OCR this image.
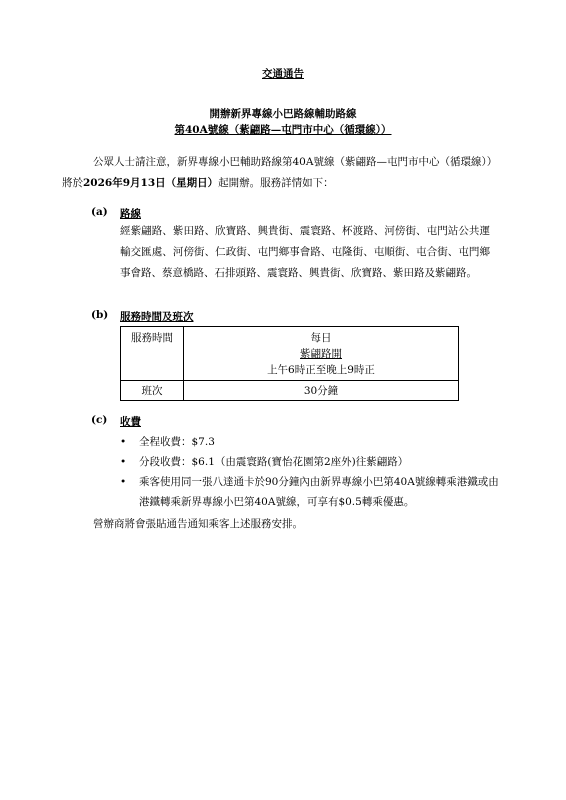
交通通告
開辦新界專線小巴路線輔助路線
第40A號線（紫翩路—屯門市中心（循環線））
公眾人士請注意，新界專線小巴輔助路線第40A號線（紫翩路—屯門市中心（循環線））將於2026年9月13日（星期日）起開辦。服務詳情如下：
(a) 路線
經紫翩路、紫田路、欣寶路、興貴街、震寰路、杯渡路、河傍街、屯門站公共運輸交匯處、河傍街、仁政街、屯門鄉事會路、屯隆街、屯順街、屯合街、屯門鄉事會路、蔡意橋路、石排頭路、震寰路、興貴街、欣寶路、紫田路及紫翩路。
(b) 服務時間及班次
服務時間	每日
紫翩路開
上午6時正至晚上9時正

班次	30分鐘
(c) 收費
• 全程收費：$7.3
• 分段收費：$6.1（由震寰路(寶怡花園第2座外)往紫翩路）
• 乘客使用同一張八達通卡於90分鐘內由新界專線小巴第40A號線轉乘港鐵或由港鐵轉乘新界專線小巴第40A號線，可享有$0.5轉乘優惠。
營辦商將會張貼通告通知乘客上述服務安排。
